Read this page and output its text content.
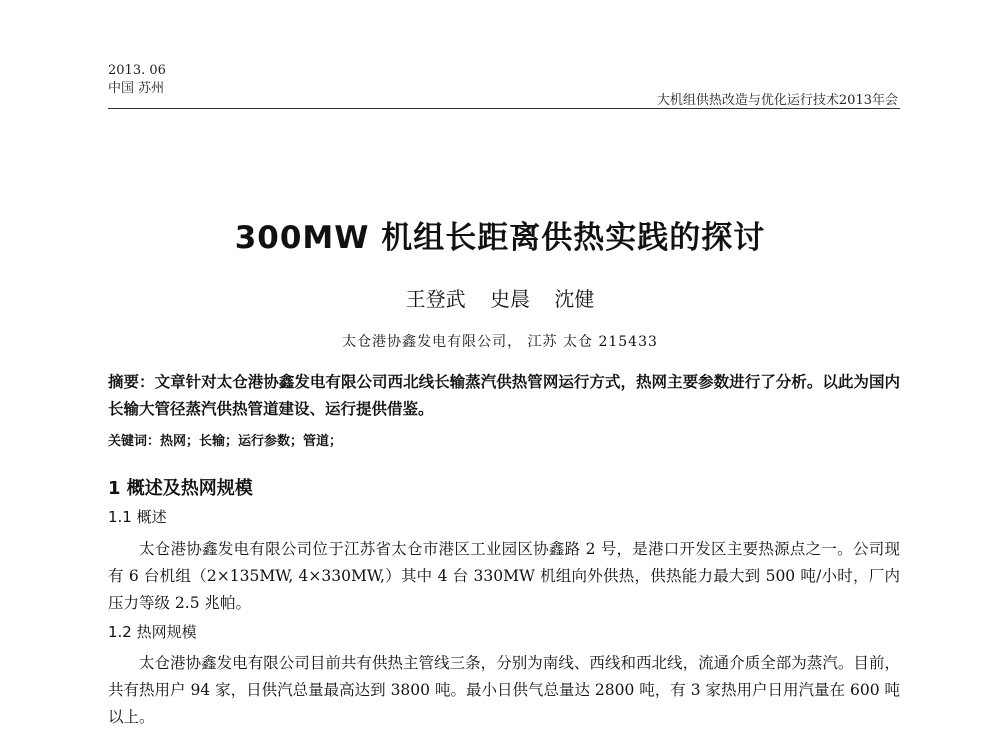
2013. 06
中国 苏州
大机组供热改造与优化运行技术2013年会
300MW 机组长距离供热实践的探讨
王登武 史晨 沈健
太仓港协鑫发电有限公司， 江苏 太仓 215433
摘要：文章针对太仓港协鑫发电有限公司西北线长输蒸汽供热管网运行方式，热网主要参数进行了分析。以此为国内长输大管径蒸汽供热管道建设、运行提供借鉴。
关键词：热网；长输；运行参数；管道；
1 概述及热网规模
1.1 概述
太仓港协鑫发电有限公司位于江苏省太仓市港区工业园区协鑫路 2 号，是港口开发区主要热源点之一。公司现有 6 台机组（2×135MW, 4×330MW,）其中 4 台 330MW 机组向外供热，供热能力最大到 500 吨/小时，厂内压力等级 2.5 兆帕。
1.2 热网规模
太仓港协鑫发电有限公司目前共有供热主管线三条，分别为南线、西线和西北线，流通介质全部为蒸汽。目前，共有热用户 94 家，日供汽总量最高达到 3800 吨。最小日供气总量达 2800 吨，有 3 家热用户日用汽量在 600 吨以上。
